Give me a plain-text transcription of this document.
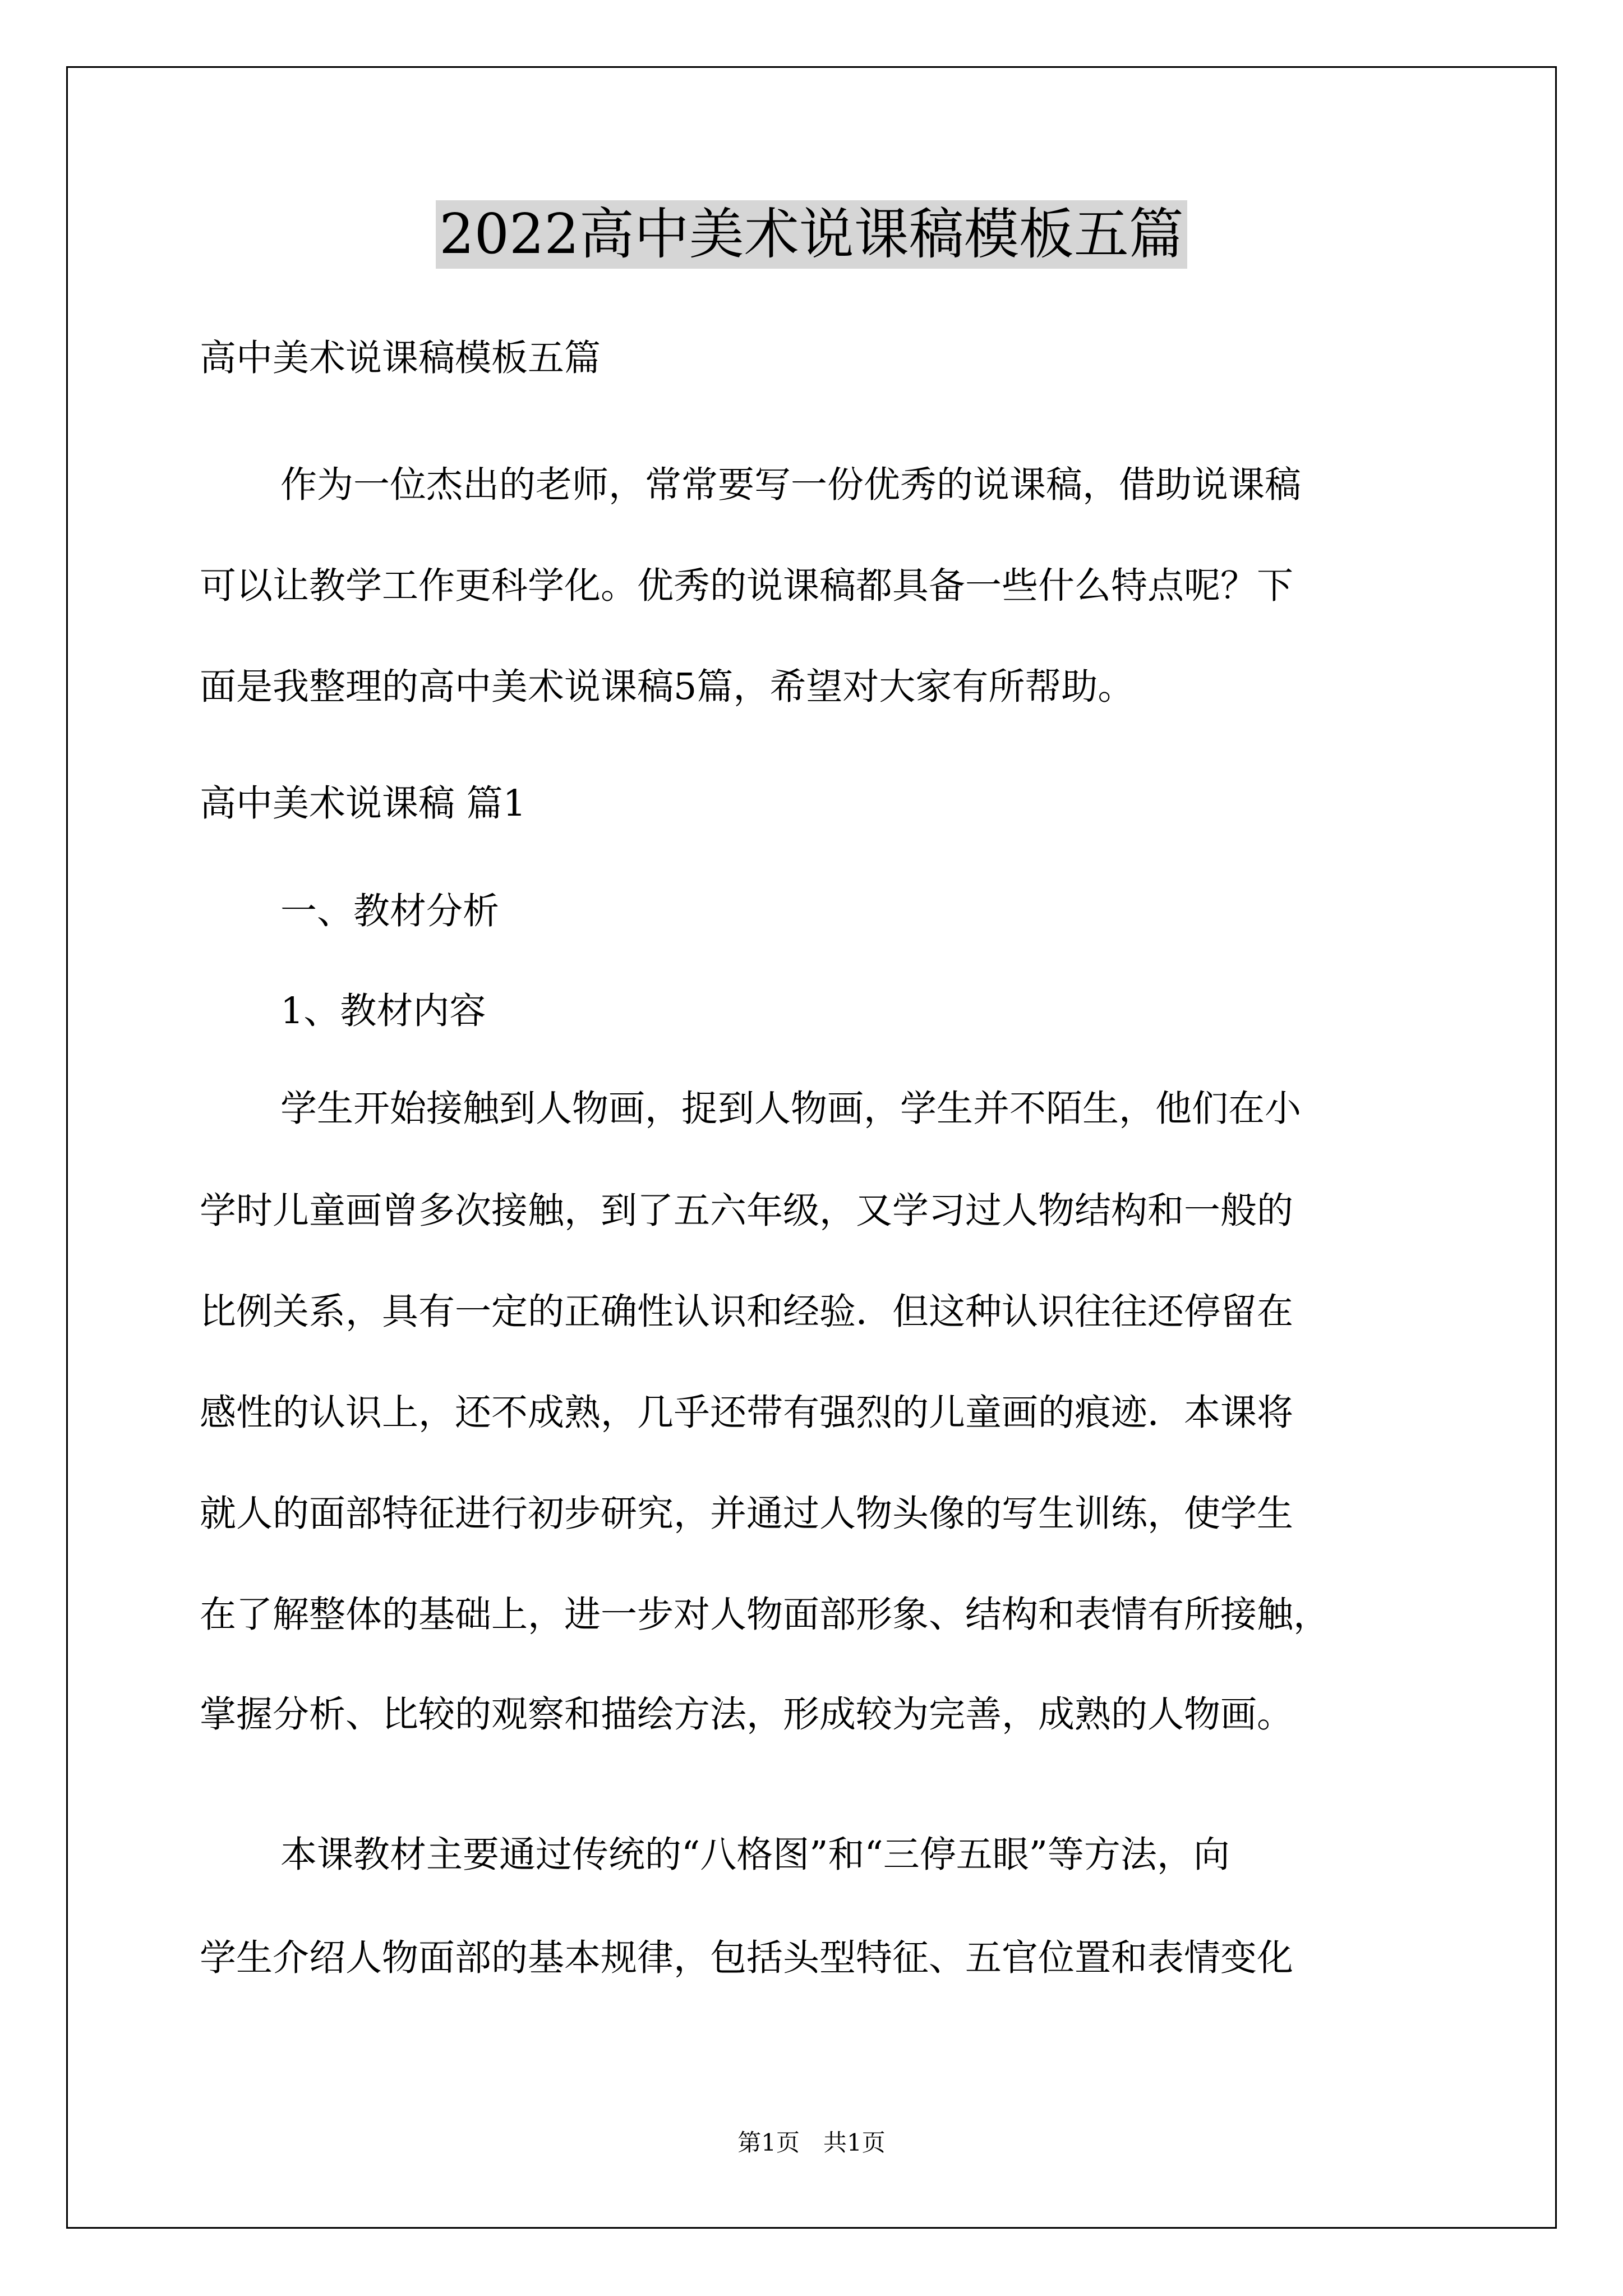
2022高中美术说课稿模板五篇
高中美术说课稿模板五篇
作为一位杰出的老师，常常要写一份优秀的说课稿，借助说课稿
可以让教学工作更科学化。优秀的说课稿都具备一些什么特点呢？下
面是我整理的高中美术说课稿5篇，希望对大家有所帮助。
高中美术说课稿 篇1
一、教材分析
1、教材内容
学生开始接触到人物画，捉到人物画，学生并不陌生，他们在小
学时儿童画曾多次接触，到了五六年级，又学习过人物结构和一般的
比例关系，具有一定的正确性认识和经验．但这种认识往往还停留在
感性的认识上，还不成熟，几乎还带有强烈的儿童画的痕迹．本课将
就人的面部特征进行初步研究，并通过人物头像的写生训练，使学生
在了解整体的基础上，进一步对人物面部形象、结构和表情有所接触，
掌握分析、比较的观察和描绘方法，形成较为完善，成熟的人物画。
本课教材主要通过传统的“八格图”和“三停五眼”等方法，向
学生介绍人物面部的基本规律，包括头型特征、五官位置和表情变化
第1页　共1页
